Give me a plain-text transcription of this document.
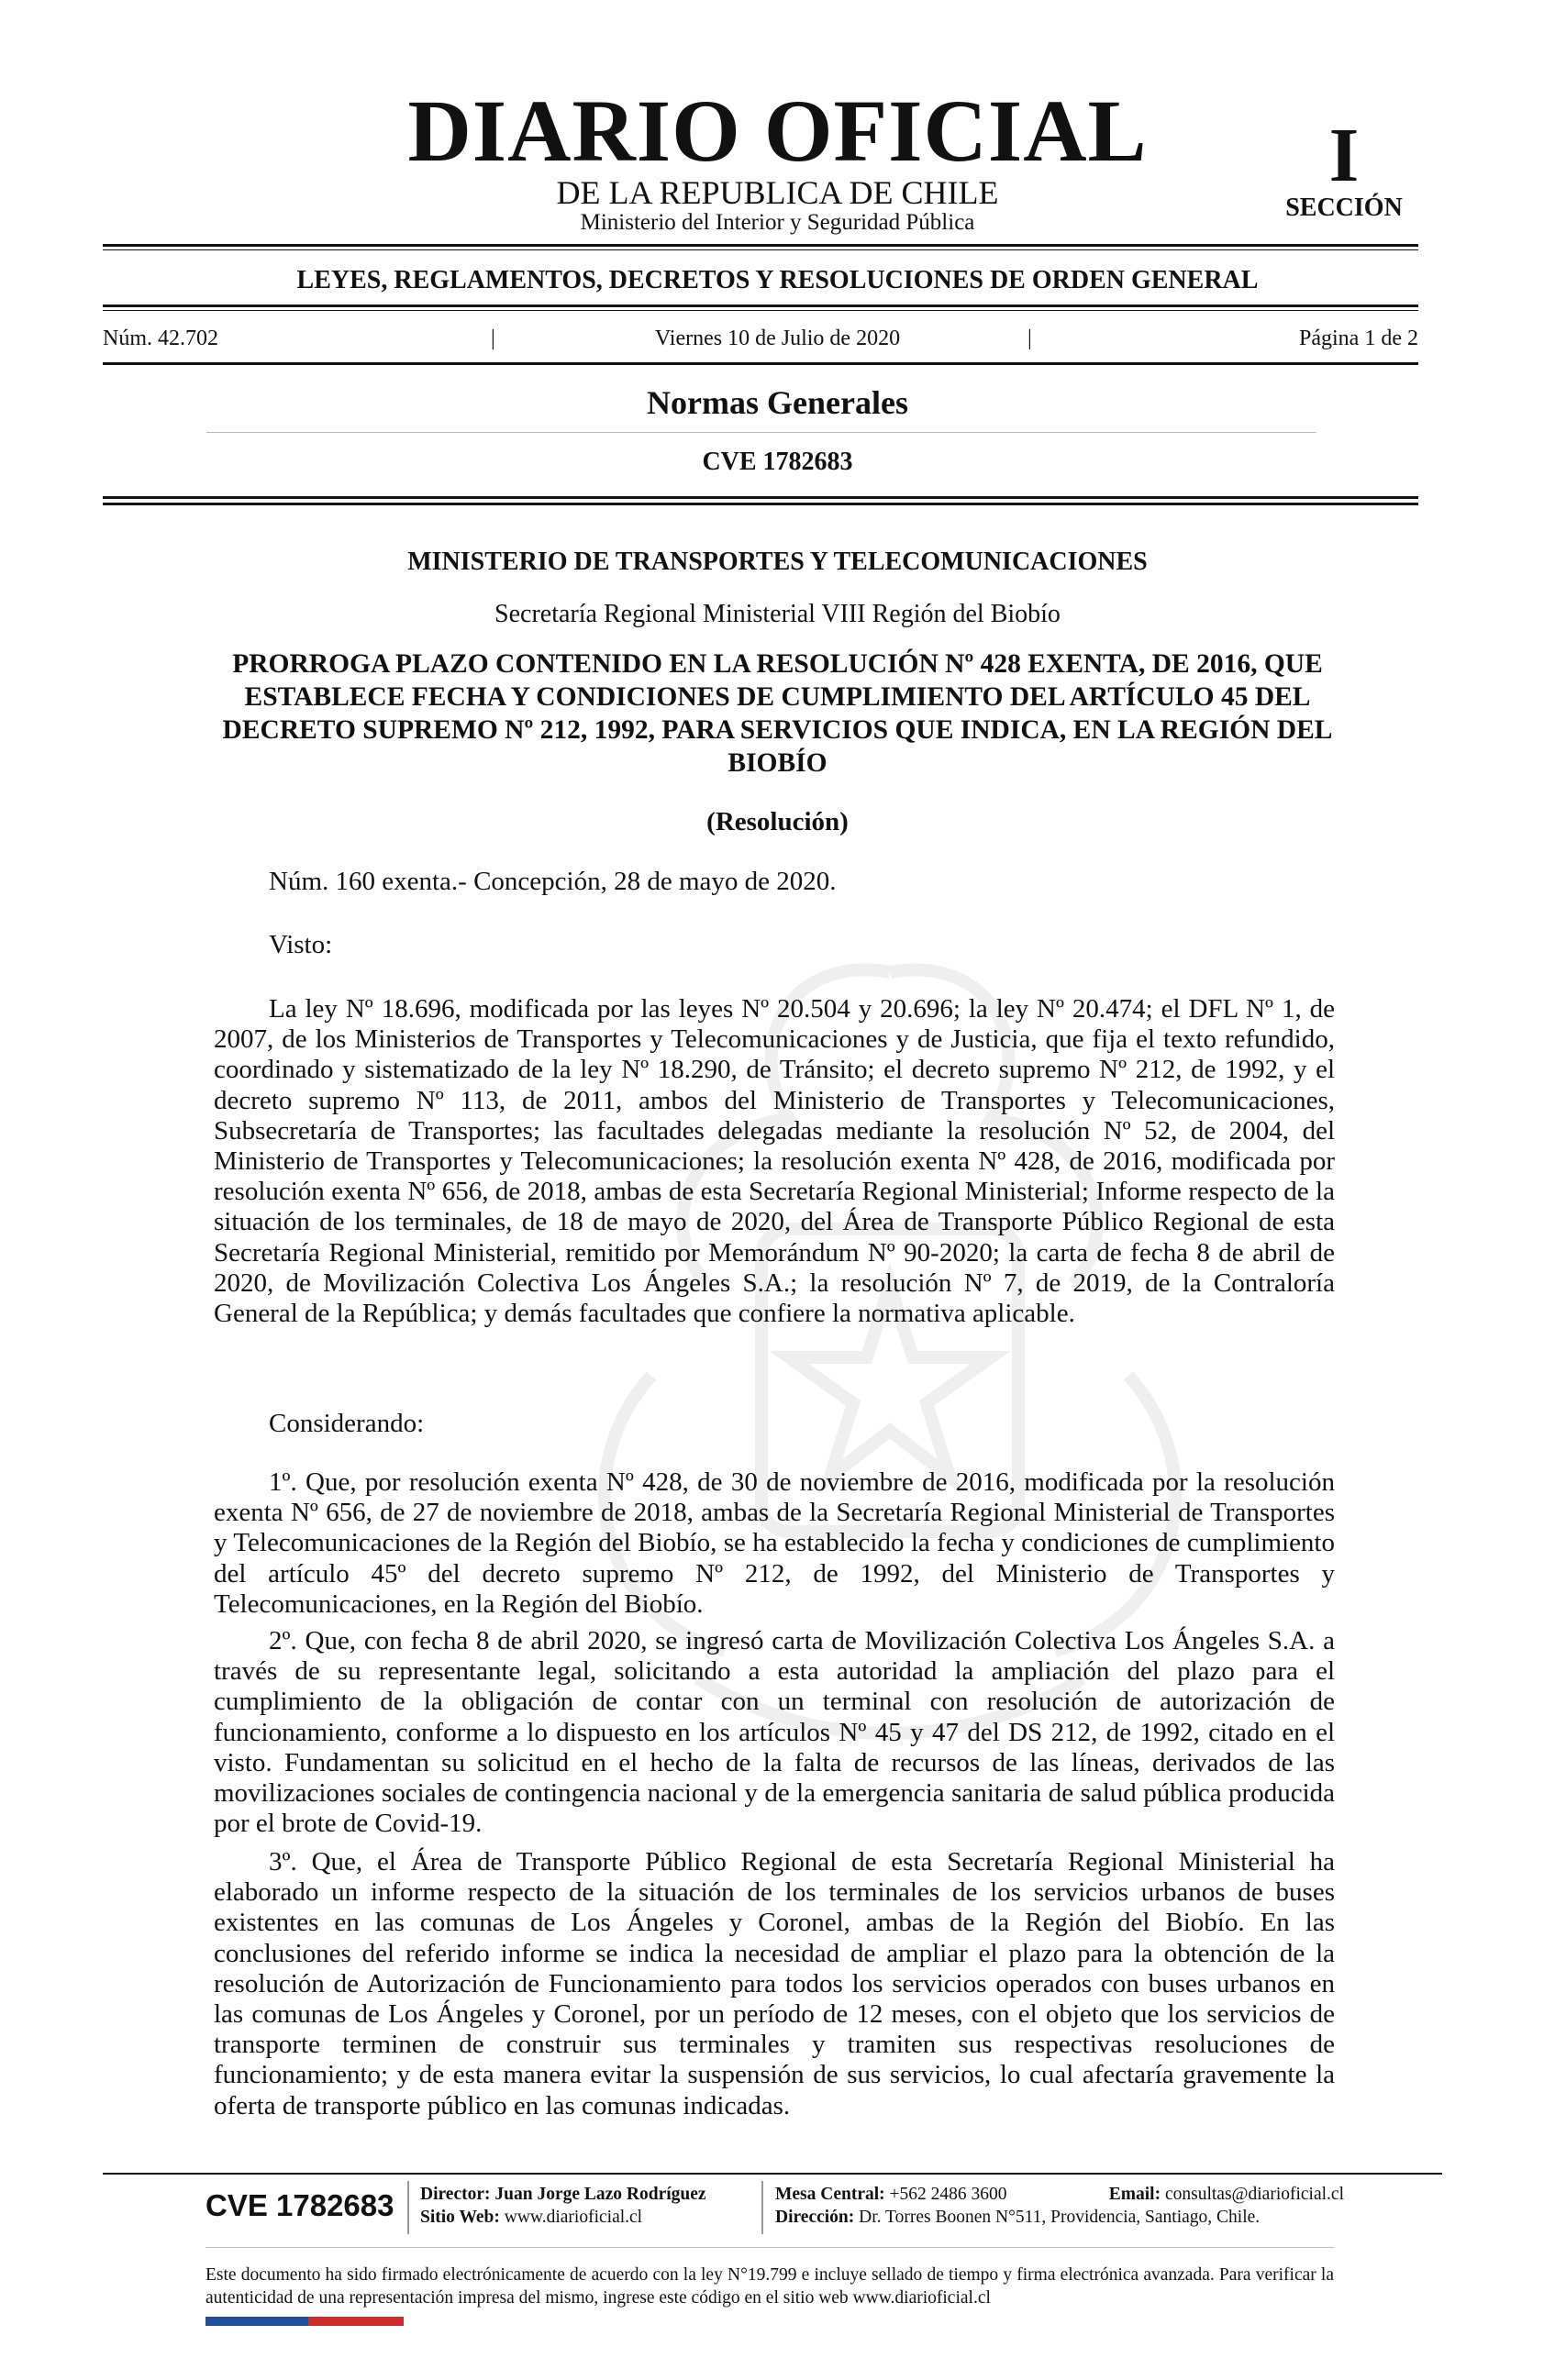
DIARIO OFICIAL
DE LA REPUBLICA DE CHILE
Ministerio del Interior y Seguridad Pública
I
SECCIÓN
LEYES, REGLAMENTOS, DECRETOS Y RESOLUCIONES DE ORDEN GENERAL
Núm. 42.702	|	Viernes 10 de Julio de 2020	|	Página 1 de 2
Normas Generales
CVE 1782683
MINISTERIO DE TRANSPORTES Y TELECOMUNICACIONES
Secretaría Regional Ministerial VIII Región del Biobío
PRORROGA PLAZO CONTENIDO EN LA RESOLUCIÓN Nº 428 EXENTA, DE 2016, QUE ESTABLECE FECHA Y CONDICIONES DE CUMPLIMIENTO DEL ARTÍCULO 45 DEL DECRETO SUPREMO Nº 212, 1992, PARA SERVICIOS QUE INDICA, EN LA REGIÓN DEL BIOBÍO
(Resolución)
Núm. 160 exenta.- Concepción, 28 de mayo de 2020.
Visto:
La ley Nº 18.696, modificada por las leyes Nº 20.504 y 20.696; la ley Nº 20.474; el DFL Nº 1, de 2007, de los Ministerios de Transportes y Telecomunicaciones y de Justicia, que fija el texto refundido, coordinado y sistematizado de la ley Nº 18.290, de Tránsito; el decreto supremo Nº 212, de 1992, y el decreto supremo Nº 113, de 2011, ambos del Ministerio de Transportes y Telecomunicaciones, Subsecretaría de Transportes; las facultades delegadas mediante la resolución Nº 52, de 2004, del Ministerio de Transportes y Telecomunicaciones; la resolución exenta Nº 428, de 2016, modificada por resolución exenta Nº 656, de 2018, ambas de esta Secretaría Regional Ministerial; Informe respecto de la situación de los terminales, de 18 de mayo de 2020, del Área de Transporte Público Regional de esta Secretaría Regional Ministerial, remitido por Memorándum Nº 90-2020; la carta de fecha 8 de abril de 2020, de Movilización Colectiva Los Ángeles S.A.; la resolución Nº 7, de 2019, de la Contraloría General de la República; y demás facultades que confiere la normativa aplicable.
Considerando:
1º. Que, por resolución exenta Nº 428, de 30 de noviembre de 2016, modificada por la resolución exenta Nº 656, de 27 de noviembre de 2018, ambas de la Secretaría Regional Ministerial de Transportes y Telecomunicaciones de la Región del Biobío, se ha establecido la fecha y condiciones de cumplimiento del artículo 45º del decreto supremo Nº 212, de 1992, del Ministerio de Transportes y Telecomunicaciones, en la Región del Biobío.
2º. Que, con fecha 8 de abril 2020, se ingresó carta de Movilización Colectiva Los Ángeles S.A. a través de su representante legal, solicitando a esta autoridad la ampliación del plazo para el cumplimiento de la obligación de contar con un terminal con resolución de autorización de funcionamiento, conforme a lo dispuesto en los artículos Nº 45 y 47 del DS 212, de 1992, citado en el visto. Fundamentan su solicitud en el hecho de la falta de recursos de las líneas, derivados de las movilizaciones sociales de contingencia nacional y de la emergencia sanitaria de salud pública producida por el brote de Covid-19.
3º. Que, el Área de Transporte Público Regional de esta Secretaría Regional Ministerial ha elaborado un informe respecto de la situación de los terminales de los servicios urbanos de buses existentes en las comunas de Los Ángeles y Coronel, ambas de la Región del Biobío. En las conclusiones del referido informe se indica la necesidad de ampliar el plazo para la obtención de la resolución de Autorización de Funcionamiento para todos los servicios operados con buses urbanos en las comunas de Los Ángeles y Coronel, por un período de 12 meses, con el objeto que los servicios de transporte terminen de construir sus terminales y tramiten sus respectivas resoluciones de funcionamiento; y de esta manera evitar la suspensión de sus servicios, lo cual afectaría gravemente la oferta de transporte público en las comunas indicadas.
CVE 1782683 Director: Juan Jorge Lazo Rodríguez
Sitio Web: www.diarioficial.cl
Mesa Central: +562 2486 3600	Email: consultas@diarioficial.cl
Dirección: Dr. Torres Boonen N°511, Providencia, Santiago, Chile.
Este documento ha sido firmado electrónicamente de acuerdo con la ley N°19.799 e incluye sellado de tiempo y firma electrónica avanzada. Para verificar la autenticidad de una representación impresa del mismo, ingrese este código en el sitio web www.diarioficial.cl
